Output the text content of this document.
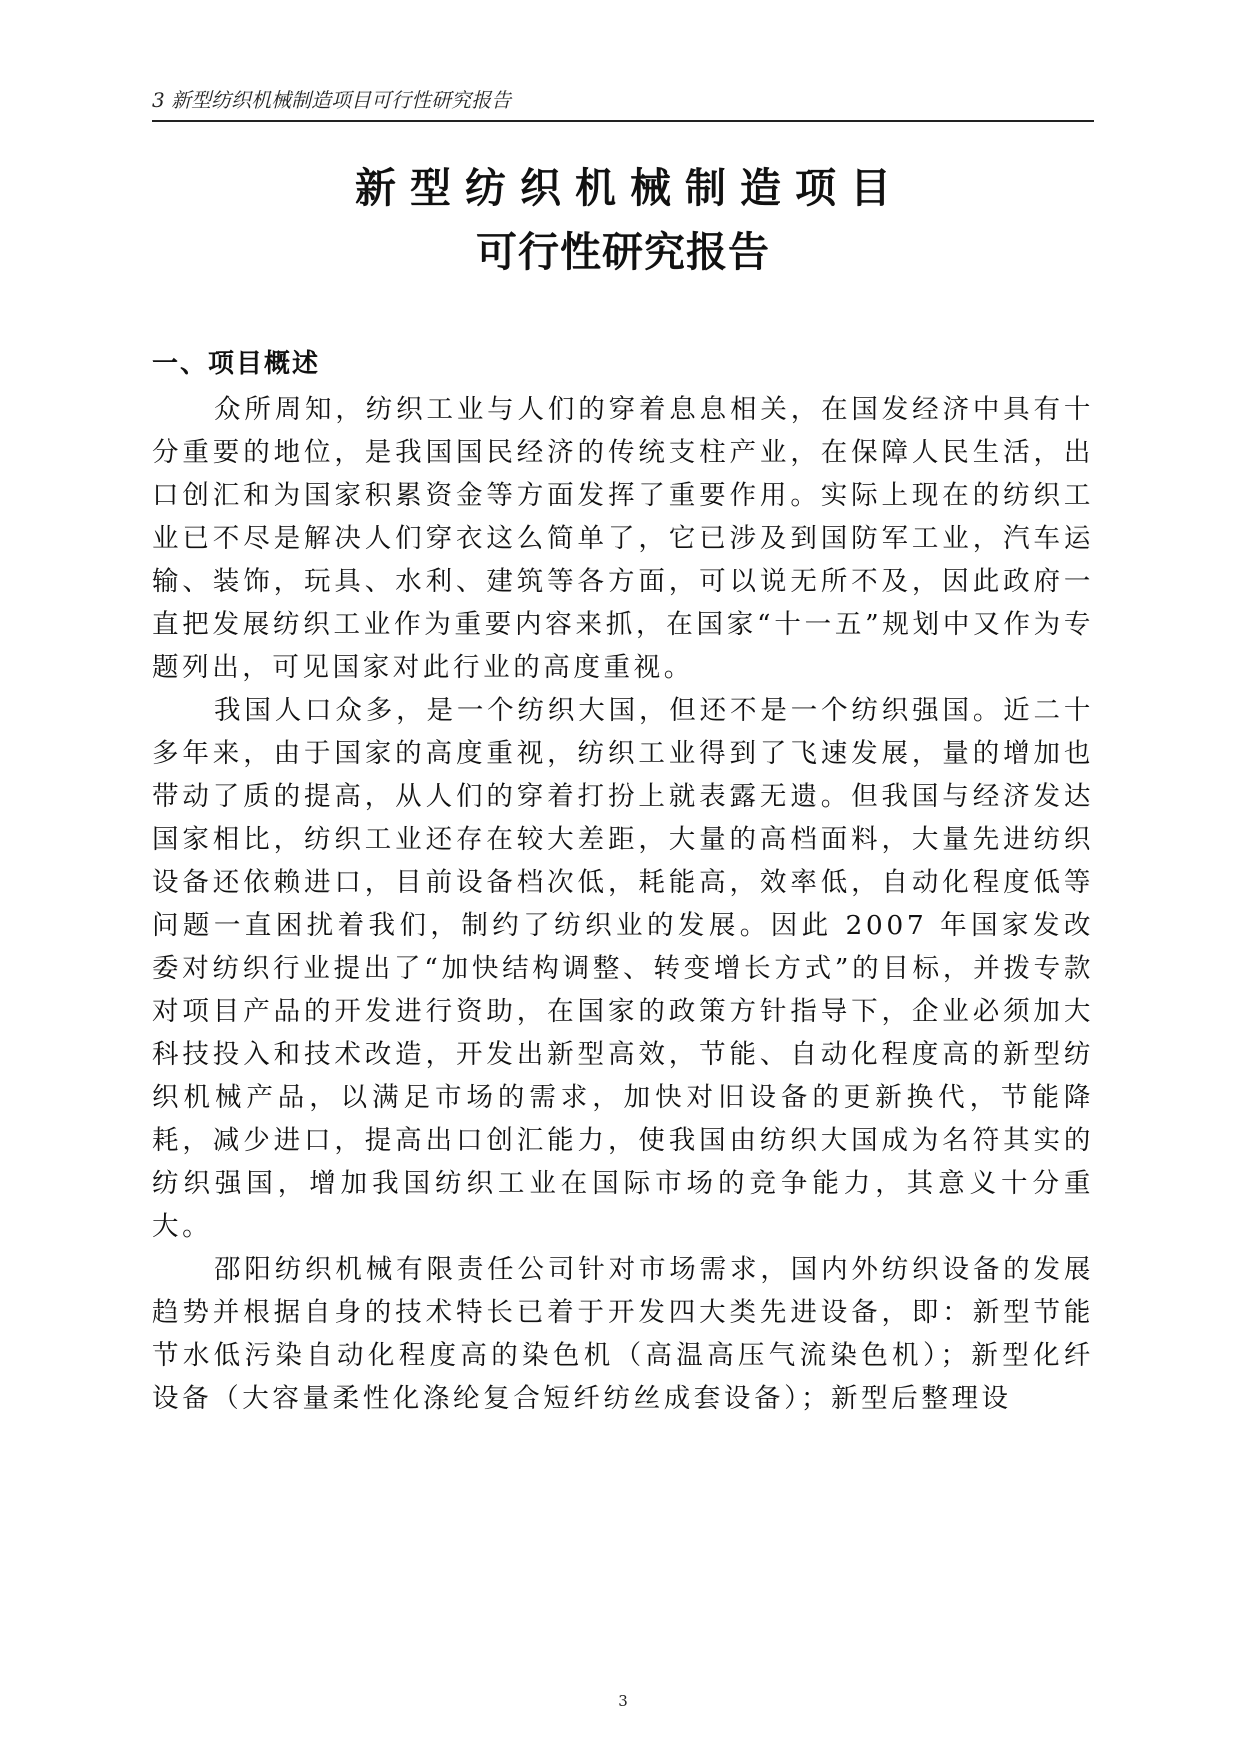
3 新型纺织机械制造项目可行性研究报告
新型纺织机械制造项目
可行性研究报告
一、项目概述

众所周知，纺织工业与人们的穿着息息相关，在国发经济中具有十分重要的地位，是我国国民经济的传统支柱产业，在保障人民生活，出口创汇和为国家积累资金等方面发挥了重要作用。实际上现在的纺织工业已不尽是解决人们穿衣这么简单了，它已涉及到国防军工业，汽车运输、装饰，玩具、水利、建筑等各方面，可以说无所不及，因此政府一直把发展纺织工业作为重要内容来抓，在国家“十一五”规划中又作为专题列出，可见国家对此行业的高度重视。

我国人口众多，是一个纺织大国，但还不是一个纺织强国。近二十多年来，由于国家的高度重视，纺织工业得到了飞速发展，量的增加也带动了质的提高，从人们的穿着打扮上就表露无遗。但我国与经济发达国家相比，纺织工业还存在较大差距，大量的高档面料，大量先进纺织设备还依赖进口，目前设备档次低，耗能高，效率低，自动化程度低等问题一直困扰着我们，制约了纺织业的发展。因此 2007 年国家发改委对纺织行业提出了“加快结构调整、转变增长方式”的目标，并拨专款对项目产品的开发进行资助，在国家的政策方针指导下，企业必须加大科技投入和技术改造，开发出新型高效，节能、自动化程度高的新型纺织机械产品，以满足市场的需求，加快对旧设备的更新换代，节能降耗，减少进口，提高出口创汇能力，使我国由纺织大国成为名符其实的纺织强国，增加我国纺织工业在国际市场的竞争能力，其意义十分重大。

邵阳纺织机械有限责任公司针对市场需求，国内外纺织设备的发展趋势并根据自身的技术特长已着于开发四大类先进设备，即：新型节能节水低污染自动化程度高的染色机（高温高压气流染色机）；新型化纤设备（大容量柔性化涤纶复合短纤纺丝成套设备）；新型后整理设

3
